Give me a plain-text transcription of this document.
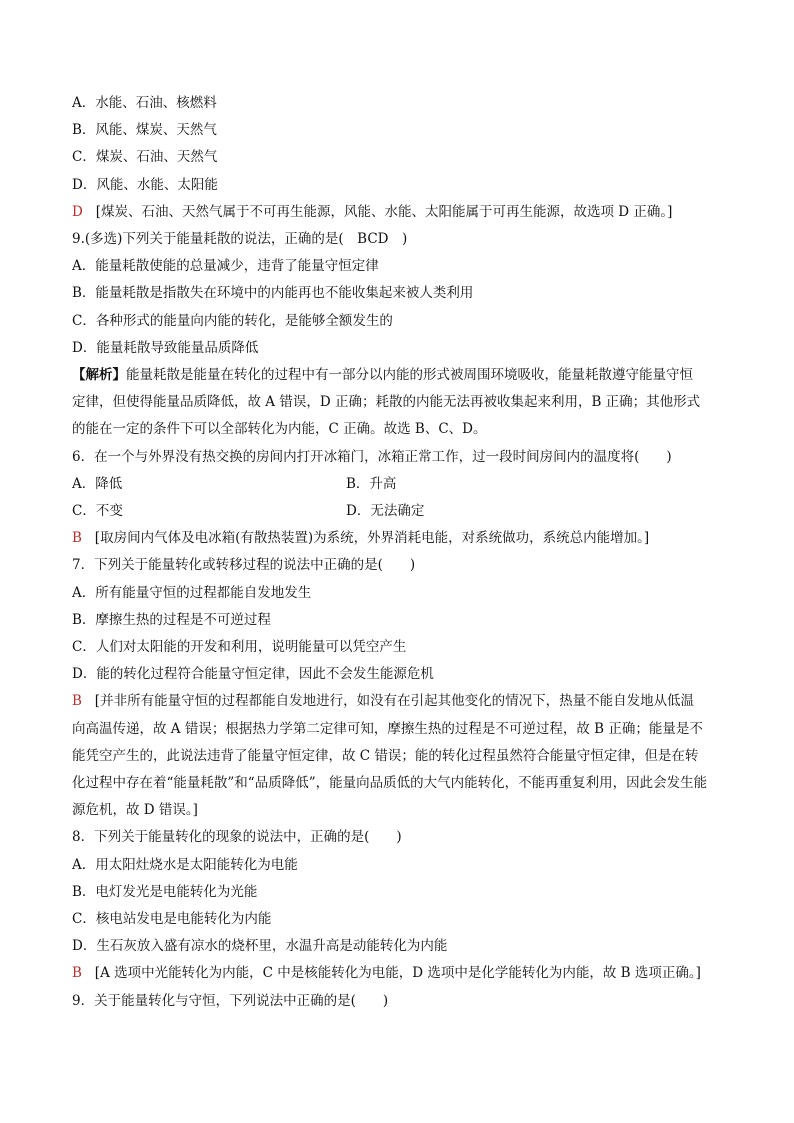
A．水能、石油、核燃料
B．风能、煤炭、天然气
C．煤炭、石油、天然气
D．风能、水能、太阳能
D [煤炭、石油、天然气属于不可再生能源，风能、水能、太阳能属于可再生能源，故选项 D 正确。]
9.(多选)下列关于能量耗散的说法，正确的是(　BCD　)
A．能量耗散使能的总量减少，违背了能量守恒定律
B．能量耗散是指散失在环境中的内能再也不能收集起来被人类利用
C．各种形式的能量向内能的转化，是能够全额发生的
D．能量耗散导致能量品质降低
【解析】能量耗散是能量在转化的过程中有一部分以内能的形式被周围环境吸收，能量耗散遵守能量守恒
定律，但使得能量品质降低，故 A 错误，D 正确；耗散的内能无法再被收集起来利用，B 正确；其他形式
的能在一定的条件下可以全部转化为内能，C 正确。故选 B、C、D。
6．在一个与外界没有热交换的房间内打开冰箱门，冰箱正常工作，过一段时间房间内的温度将(　　)
A．降低	B．升高
C．不变	D．无法确定
B [取房间内气体及电冰箱(有散热装置)为系统，外界消耗电能，对系统做功，系统总内能增加。]
7．下列关于能量转化或转移过程的说法中正确的是(　　)
A．所有能量守恒的过程都能自发地发生
B．摩擦生热的过程是不可逆过程
C．人们对太阳能的开发和利用，说明能量可以凭空产生
D．能的转化过程符合能量守恒定律，因此不会发生能源危机
B [并非所有能量守恒的过程都能自发地进行，如没有在引起其他变化的情况下，热量不能自发地从低温
向高温传递，故 A 错误；根据热力学第二定律可知，摩擦生热的过程是不可逆过程，故 B 正确；能量是不
能凭空产生的，此说法违背了能量守恒定律，故 C 错误；能的转化过程虽然符合能量守恒定律，但是在转
化过程中存在着“能量耗散”和“品质降低”，能量向品质低的大气内能转化，不能再重复利用，因此会发生能
源危机，故 D 错误。]
8．下列关于能量转化的现象的说法中，正确的是(　　)
A．用太阳灶烧水是太阳能转化为电能
B．电灯发光是电能转化为光能
C．核电站发电是电能转化为内能
D．生石灰放入盛有凉水的烧杯里，水温升高是动能转化为内能
B [A 选项中光能转化为内能，C 中是核能转化为电能，D 选项中是化学能转化为内能，故 B 选项正确。]
9．关于能量转化与守恒，下列说法中正确的是(　　)
